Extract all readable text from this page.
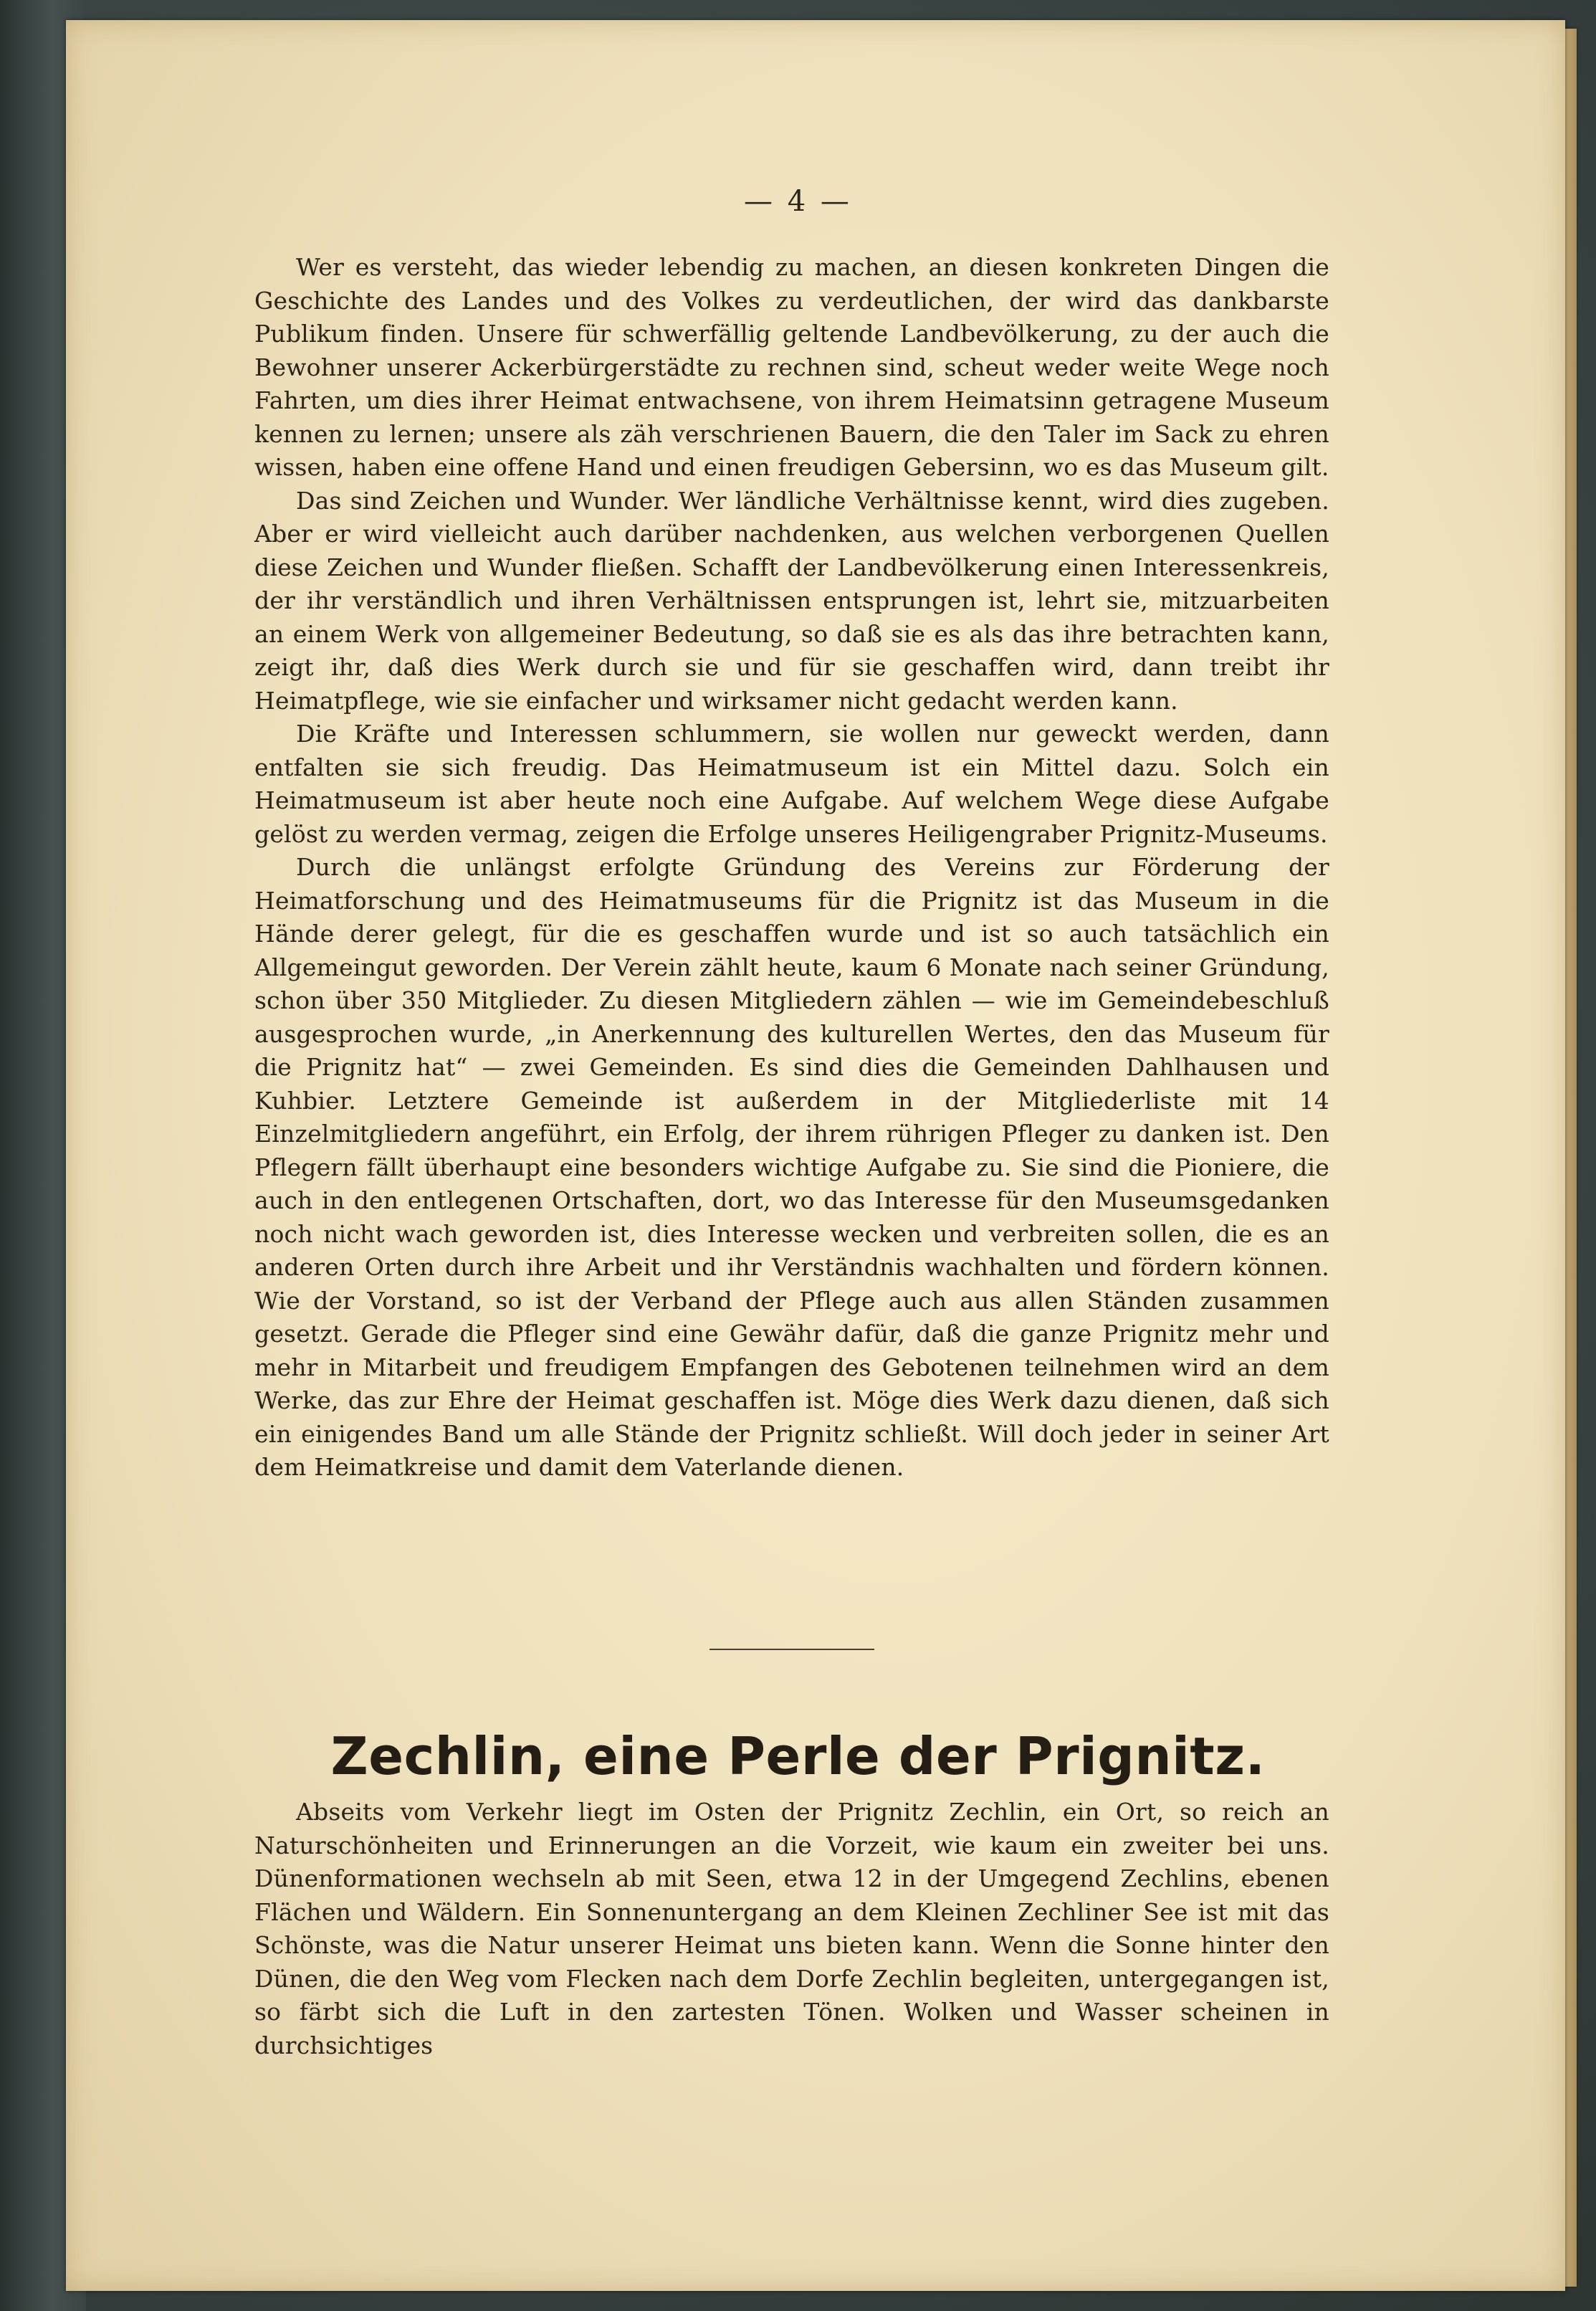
— 4 —

Wer es versteht, das wieder lebendig zu machen, an diesen konkreten Dingen die Geschichte des Landes und des Volkes zu verdeutlichen, der wird das dankbarste Publikum finden. Unsere für schwerfällig geltende Landbevölkerung, zu der auch die Bewohner unserer Ackerbürgerstädte zu rechnen sind, scheut weder weite Wege noch Fahrten, um dies ihrer Heimat entwachsene, von ihrem Heimatsinn getragene Museum kennen zu lernen; unsere als zäh verschrienen Bauern, die den Taler im Sack zu ehren wissen, haben eine offene Hand und einen freudigen Gebersinn, wo es das Museum gilt.

Das sind Zeichen und Wunder. Wer ländliche Verhältnisse kennt, wird dies zugeben. Aber er wird vielleicht auch darüber nachdenken, aus welchen verborgenen Quellen diese Zeichen und Wunder fließen. Schafft der Landbevölkerung einen Interessenkreis, der ihr verständlich und ihren Verhältnissen entsprungen ist, lehrt sie, mitzuarbeiten an einem Werk von allgemeiner Bedeutung, so daß sie es als das ihre betrachten kann, zeigt ihr, daß dies Werk durch sie und für sie geschaffen wird, dann treibt ihr Heimatpflege, wie sie einfacher und wirksamer nicht gedacht werden kann.

Die Kräfte und Interessen schlummern, sie wollen nur geweckt werden, dann entfalten sie sich freudig. Das Heimatmuseum ist ein Mittel dazu. Solch ein Heimatmuseum ist aber heute noch eine Aufgabe. Auf welchem Wege diese Aufgabe gelöst zu werden vermag, zeigen die Erfolge unseres Heiligengraber Prignitz-Museums.

Durch die unlängst erfolgte Gründung des Vereins zur Förderung der Heimatforschung und des Heimatmuseums für die Prignitz ist das Museum in die Hände derer gelegt, für die es geschaffen wurde und ist so auch tatsächlich ein Allgemeingut geworden. Der Verein zählt heute, kaum 6 Monate nach seiner Gründung, schon über 350 Mitglieder. Zu diesen Mitgliedern zählen — wie im Gemeindebeschluß ausgesprochen wurde, „in Anerkennung des kulturellen Wertes, den das Museum für die Prignitz hat“ — zwei Gemeinden. Es sind dies die Gemeinden Dahlhausen und Kuhbier. Letztere Gemeinde ist außerdem in der Mitgliederliste mit 14 Einzelmitgliedern angeführt, ein Erfolg, der ihrem rührigen Pfleger zu danken ist. Den Pflegern fällt überhaupt eine besonders wichtige Aufgabe zu. Sie sind die Pioniere, die auch in den entlegenen Ortschaften, dort, wo das Interesse für den Museumsgedanken noch nicht wach geworden ist, dies Interesse wecken und verbreiten sollen, die es an anderen Orten durch ihre Arbeit und ihr Verständnis wachhalten und fördern können. Wie der Vorstand, so ist der Verband der Pflege auch aus allen Ständen zusammen gesetzt. Gerade die Pfleger sind eine Gewähr dafür, daß die ganze Prignitz mehr und mehr in Mitarbeit und freudigem Empfangen des Gebotenen teilnehmen wird an dem Werke, das zur Ehre der Heimat geschaffen ist. Möge dies Werk dazu dienen, daß sich ein einigendes Band um alle Stände der Prignitz schließt. Will doch jeder in seiner Art dem Heimatkreise und damit dem Vaterlande dienen.

Zechlin, eine Perle der Prignitz.

Abseits vom Verkehr liegt im Osten der Prignitz Zechlin, ein Ort, so reich an Naturschönheiten und Erinnerungen an die Vorzeit, wie kaum ein zweiter bei uns. Dünenformationen wechseln ab mit Seen, etwa 12 in der Umgegend Zechlins, ebenen Flächen und Wäldern. Ein Sonnenuntergang an dem Kleinen Zechliner See ist mit das Schönste, was die Natur unserer Heimat uns bieten kann. Wenn die Sonne hinter den Dünen, die den Weg vom Flecken nach dem Dorfe Zechlin begleiten, untergegangen ist, so färbt sich die Luft in den zartesten Tönen. Wolken und Wasser scheinen in durchsichtiges
